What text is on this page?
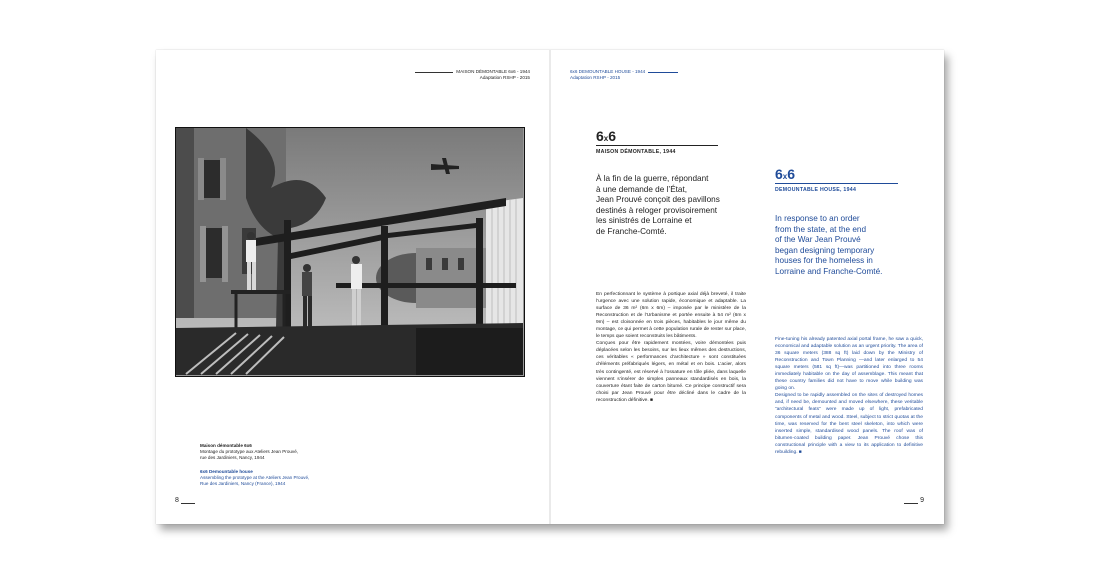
MAISON DÉMONTABLE 6x6 - 1944
Adaptation RSHP - 2015
Maison démontable 6x6
Montage du prototype aux Ateliers Jean Prouvé,
rue des Jardiniers, Nancy, 1944
6x6 Demountable house
Assembling the prototype at the Ateliers Jean Prouvé,
Rue des Jardiniers, Nancy (France), 1944
8
6x6 DEMOUNTABLE HOUSE - 1944
Adaptation RSHP - 2015
6x6
MAISON DÉMONTABLE, 1944
À la fin de la guerre, répondant
à une demande de l’État,
Jean Prouvé conçoit des pavillons
destinés à reloger provisoirement
les sinistrés de Lorraine et
de Franche-Comté.

En perfectionnant le système à portique axial déjà breveté, il traite l’urgence avec une solution rapide, économique et adaptable. La surface de 36 m² (6m x 6m) – imposée par le ministère de la Reconstruction et de l’Urbanisme et portée ensuite à 54 m² (6m x 9m) – est cloisonnée en trois pièces, habitables le jour même du montage, ce qui permet à cette population rurale de rester sur place, le temps que soient reconstruits les bâtiments.

Conçues pour être rapidement montées, voire démontées puis déplacées selon les besoins, sur les lieux mêmes des destructions, ces véritables « performances d’architecture » sont constituées d’éléments préfabriqués légers, en métal et en bois. L’acier, alors très contingenté, est réservé à l’ossature en tôle pliée, dans laquelle viennent s’insérer de simples panneaux standardisés en bois, la couverture étant faite de carton bitumé. Ce principe constructif sera choisi par Jean Prouvé pour être décliné dans le cadre de la reconstruction définitive. ■

6x6
DEMOUNTABLE HOUSE, 1944
In response to an order
from the state, at the end
of the War Jean Prouvé
began designing temporary
houses for the homeless in
Lorraine and Franche-Comté.

Fine-tuning his already patented axial portal frame, he saw a quick, economical and adaptable solution as an urgent priority. The area of 36 square meters (388 sq ft) laid down by the Ministry of Reconstruction and Town Planning —and later enlarged to 54 square meters (581 sq ft)—was partitioned into three rooms immediately habitable on the day of assemblage. This meant that these country families did not have to move while building was going on.

Designed to be rapidly assembled on the sites of destroyed homes and, if need be, demounted and moved elsewhere, these veritable “architectural feats” were made up of light, prefabricated components of metal and wood. Steel, subject to strict quotas at the time, was reserved for the bent steel skeleton, into which were inserted simple, standardised wood panels. The roof was of bitumen-coated building paper. Jean Prouvé chose this constructional principle with a view to its application to definitive rebuilding. ■

9
